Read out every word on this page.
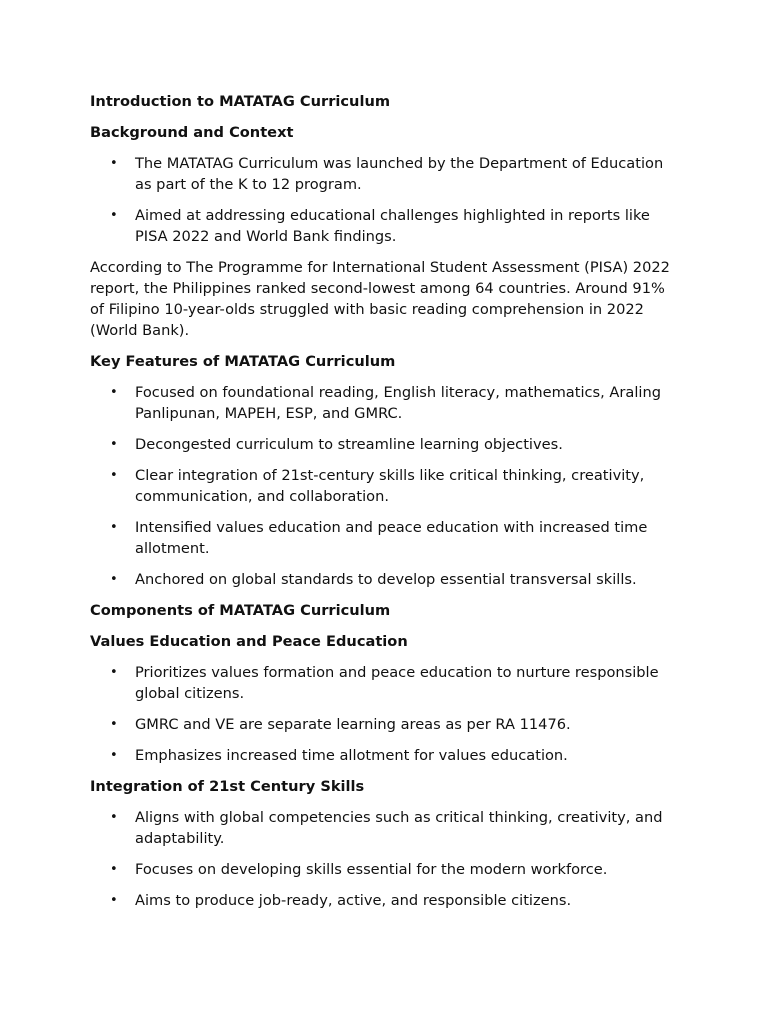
Introduction to MATATAG Curriculum
Background and Context
• The MATATAG Curriculum was launched by the Department of Education as part of the K to 12 program.
• Aimed at addressing educational challenges highlighted in reports like PISA 2022 and World Bank findings.

According to The Programme for International Student Assessment (PISA) 2022 report, the Philippines ranked second-lowest among 64 countries. Around 91% of Filipino 10-year-olds struggled with basic reading comprehension in 2022 (World Bank).

Key Features of MATATAG Curriculum
• Focused on foundational reading, English literacy, mathematics, Araling Panlipunan, MAPEH, ESP, and GMRC.
• Decongested curriculum to streamline learning objectives.
• Clear integration of 21st-century skills like critical thinking, creativity, communication, and collaboration.
• Intensified values education and peace education with increased time allotment.
• Anchored on global standards to develop essential transversal skills.
Components of MATATAG Curriculum
Values Education and Peace Education
• Prioritizes values formation and peace education to nurture responsible global citizens.
• GMRC and VE are separate learning areas as per RA 11476.
• Emphasizes increased time allotment for values education.
Integration of 21st Century Skills
• Aligns with global competencies such as critical thinking, creativity, and adaptability.
• Focuses on developing skills essential for the modern workforce.
• Aims to produce job-ready, active, and responsible citizens.
